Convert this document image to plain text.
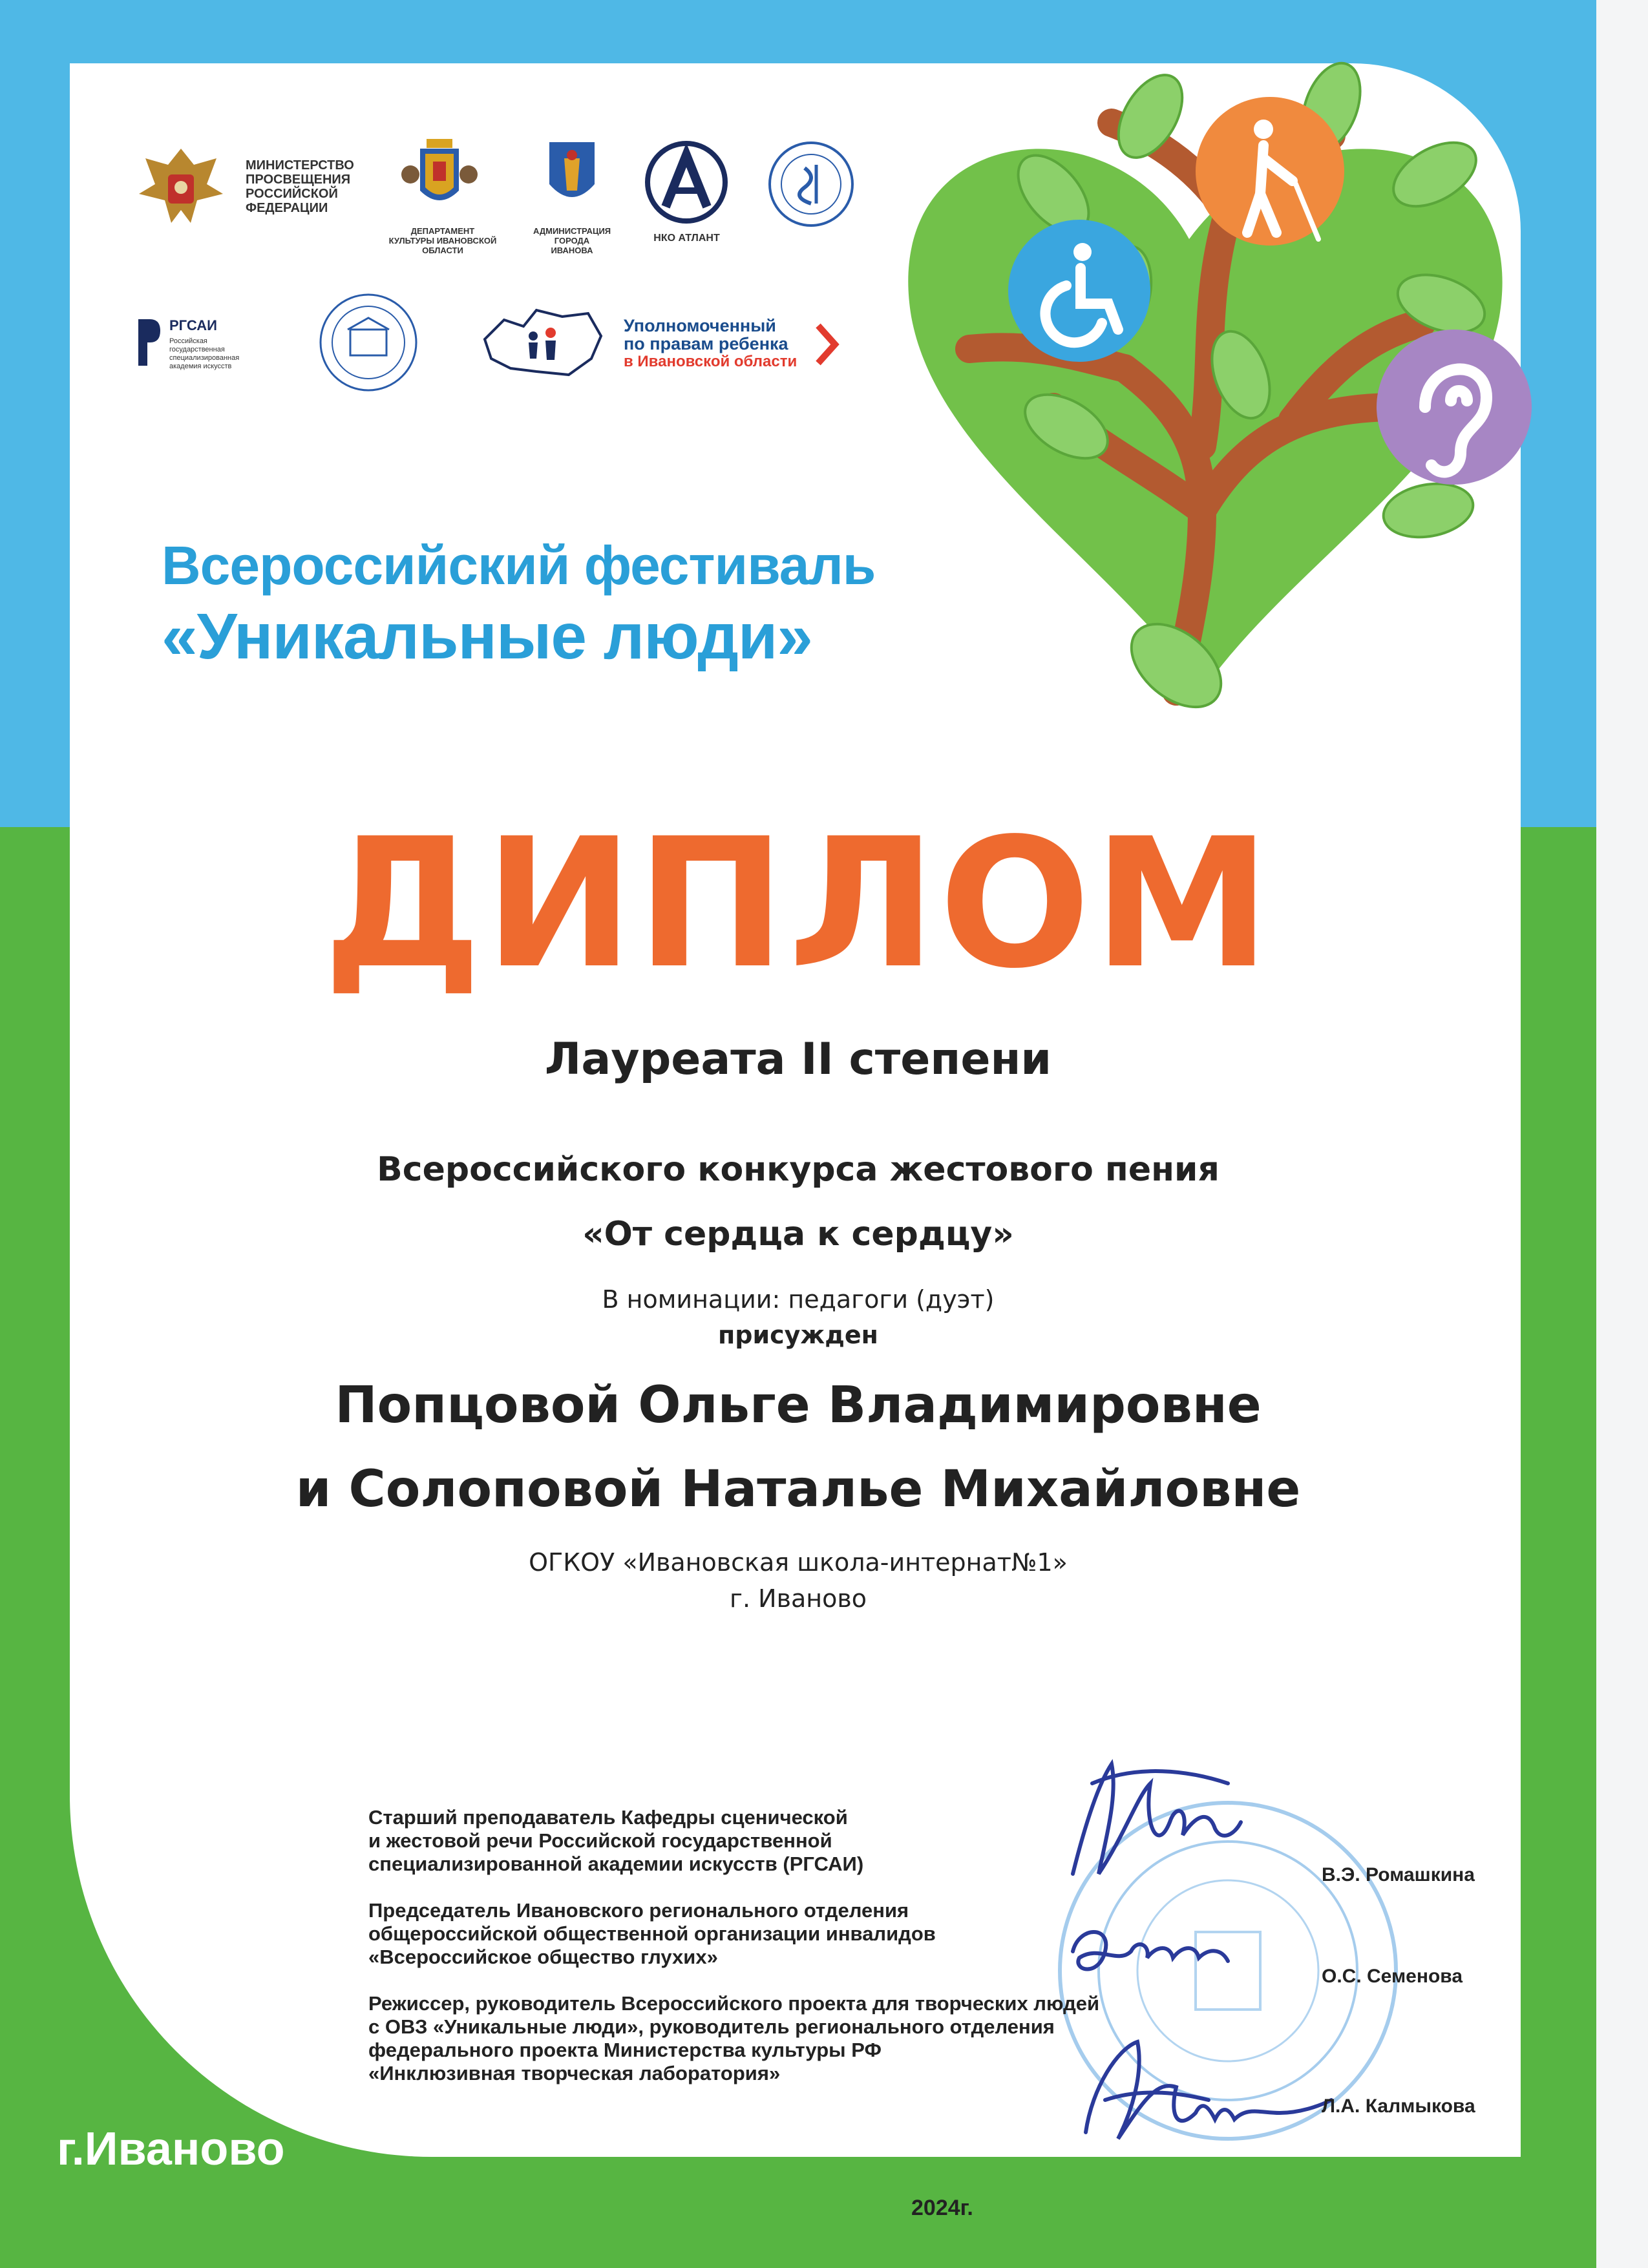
МИНИСТЕРСТВО ПРОСВЕЩЕНИЯ РОССИЙСКОЙ ФЕДЕРАЦИИ
ДЕПАРТАМЕНТ КУЛЬТУРЫ ИВАНОВСКОЙ ОБЛАСТИ
АДМИНИСТРАЦИЯ ГОРОДА ИВАНОВА
НКО АТЛАНТ
РГСАИ
Российская государственная специализированная академия искусств
Уполномоченный
по правам ребенка
в Ивановской области
Всероссийский фестиваль
«Уникальные люди»
ДИПЛОМ
Лауреата II степени
Всероссийского конкурса жестового пения
«От сердца к сердцу»
В номинации: педагоги (дуэт)
присужден
Попцовой Ольге Владимировне
и Солоповой Наталье Михайловне
ОГКОУ «Ивановская школа-интернат№1»
г. Иваново
Старший преподаватель Кафедры сценической
и жестовой речи Российской государственной
специализированной академии искусств (РГСАИ)
Председатель Ивановского регионального отделения
общероссийской общественной организации инвалидов
«Всероссийское общество глухих»
Режиссер, руководитель Всероссийского проекта для творческих людей
с ОВЗ «Уникальные люди», руководитель регионального отделения
федерального проекта Министерства культуры РФ
«Инклюзивная творческая лаборатория»
В.Э. Ромашкина
О.С. Семенова
Л.А. Калмыкова
г.Иваново
2024г.
